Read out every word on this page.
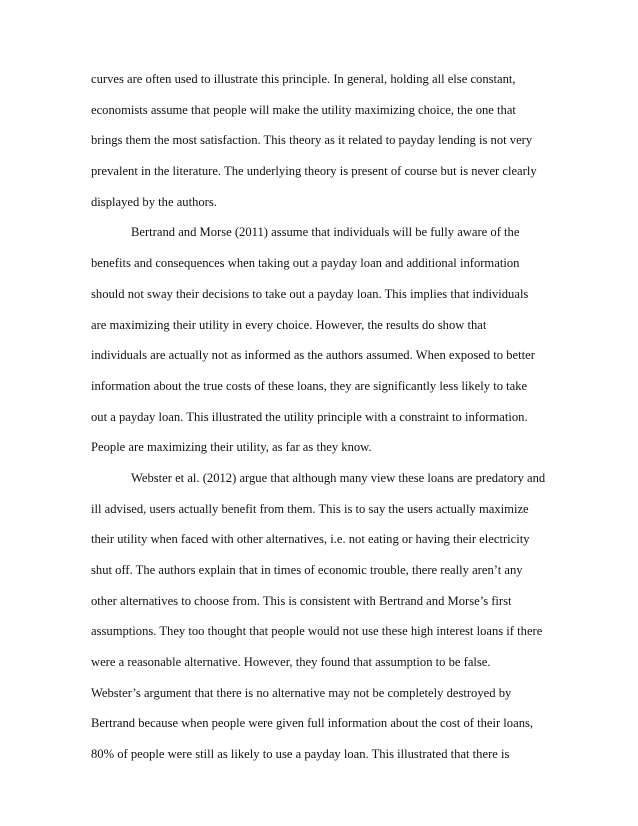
curves are often used to illustrate this principle. In general, holding all else constant,
economists assume that people will make the utility maximizing choice, the one that
brings them the most satisfaction. This theory as it related to payday lending is not very
prevalent in the literature. The underlying theory is present of course but is never clearly
displayed by the authors.
Bertrand and Morse (2011) assume that individuals will be fully aware of the
benefits and consequences when taking out a payday loan and additional information
should not sway their decisions to take out a payday loan. This implies that individuals
are maximizing their utility in every choice. However, the results do show that
individuals are actually not as informed as the authors assumed. When exposed to better
information about the true costs of these loans, they are significantly less likely to take
out a payday loan. This illustrated the utility principle with a constraint to information.
People are maximizing their utility, as far as they know.
Webster et al. (2012) argue that although many view these loans are predatory and
ill advised, users actually benefit from them. This is to say the users actually maximize
their utility when faced with other alternatives, i.e. not eating or having their electricity
shut off. The authors explain that in times of economic trouble, there really aren’t any
other alternatives to choose from. This is consistent with Bertrand and Morse’s first
assumptions. They too thought that people would not use these high interest loans if there
were a reasonable alternative. However, they found that assumption to be false.
Webster’s argument that there is no alternative may not be completely destroyed by
Bertrand because when people were given full information about the cost of their loans,
80% of people were still as likely to use a payday loan. This illustrated that there is
